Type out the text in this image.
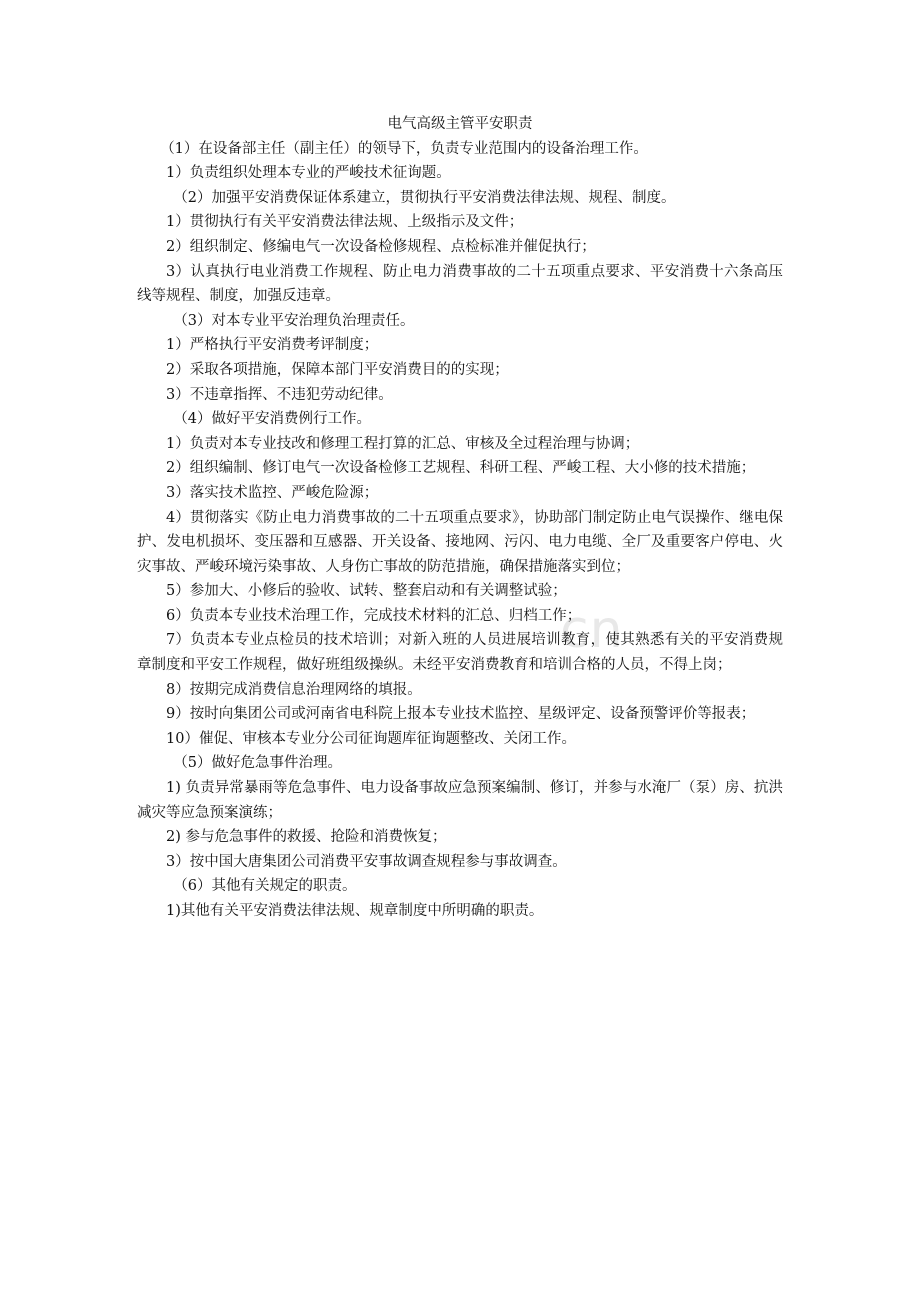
cn
电气高级主管平安职责

（1）在设备部主任（副主任）的领导下，负责专业范围内的设备治理工作。

1）负责组织处理本专业的严峻技术征询题。

（2）加强平安消费保证体系建立，贯彻执行平安消费法律法规、规程、制度。

1）贯彻执行有关平安消费法律法规、上级指示及文件；

2）组织制定、修编电气一次设备检修规程、点检标准并催促执行；

3）认真执行电业消费工作规程、防止电力消费事故的二十五项重点要求、平安消费十六条高压线等规程、制度，加强反违章。

（3）对本专业平安治理负治理责任。

1）严格执行平安消费考评制度；

2）采取各项措施，保障本部门平安消费目的的实现；

3）不违章指挥、不违犯劳动纪律。

（4）做好平安消费例行工作。

1）负责对本专业技改和修理工程打算的汇总、审核及全过程治理与协调；

2）组织编制、修订电气一次设备检修工艺规程、科研工程、严峻工程、大小修的技术措施；

3）落实技术监控、严峻危险源；

4）贯彻落实《防止电力消费事故的二十五项重点要求》，协助部门制定防止电气误操作、继电保护、发电机损坏、变压器和互感器、开关设备、接地网、污闪、电力电缆、全厂及重要客户停电、火灾事故、严峻环境污染事故、人身伤亡事故的防范措施，确保措施落实到位；

5）参加大、小修后的验收、试转、整套启动和有关调整试验；

6）负责本专业技术治理工作，完成技术材料的汇总、归档工作；

7）负责本专业点检员的技术培训；对新入班的人员进展培训教育，使其熟悉有关的平安消费规章制度和平安工作规程，做好班组级操纵。未经平安消费教育和培训合格的人员，不得上岗；

8）按期完成消费信息治理网络的填报。

9）按时向集团公司或河南省电科院上报本专业技术监控、星级评定、设备预警评价等报表；

10）催促、审核本专业分公司征询题库征询题整改、关闭工作。

（5）做好危急事件治理。

1) 负责异常暴雨等危急事件、电力设备事故应急预案编制、修订，并参与水淹厂（泵）房、抗洪减灾等应急预案演练；

2) 参与危急事件的救援、抢险和消费恢复；

3）按中国大唐集团公司消费平安事故调查规程参与事故调查。

（6）其他有关规定的职责。

1)其他有关平安消费法律法规、规章制度中所明确的职责。
